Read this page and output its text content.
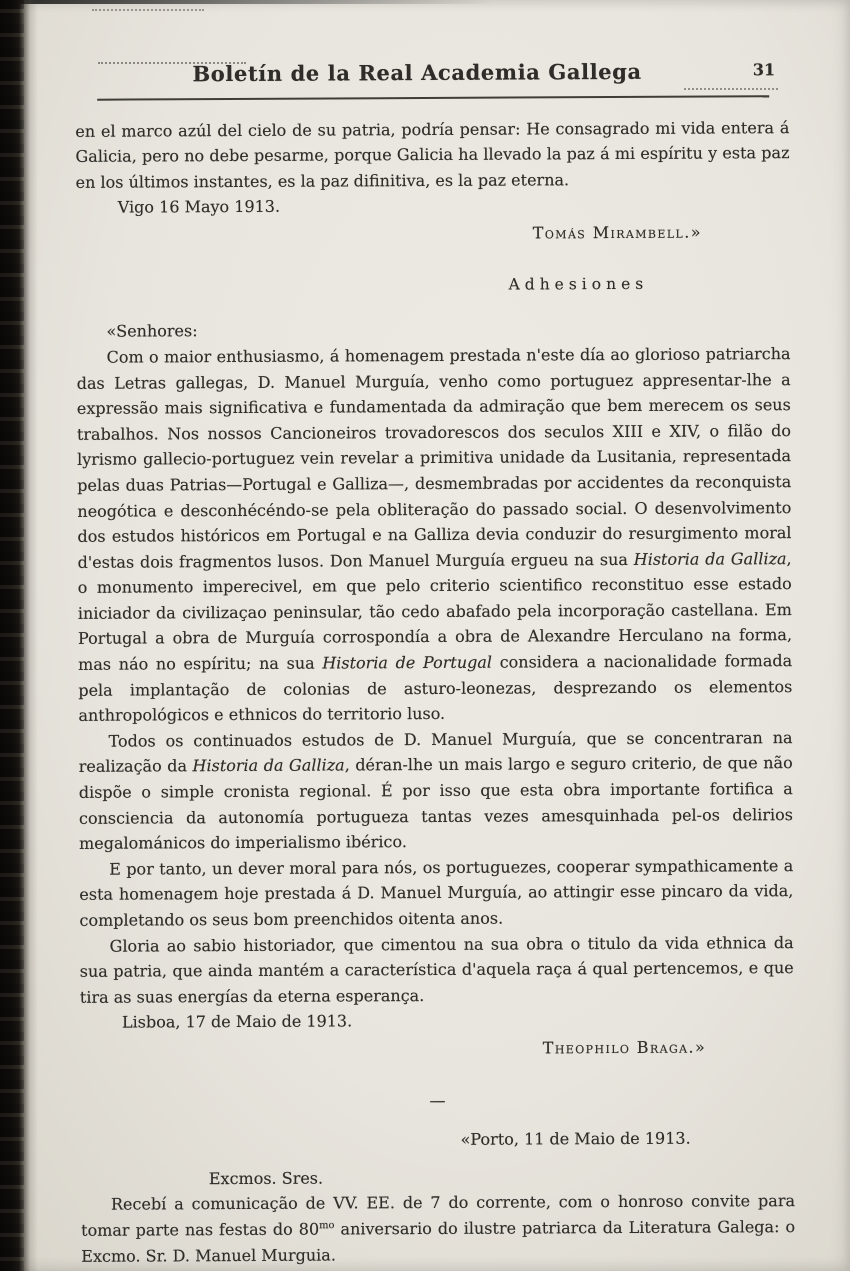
Boletín de la Real Academia Gallega	31

en el marco azúl del cielo de su patria, podría pensar: He consagrado mi vida entera á Galicia, pero no debe pesarme, porque Galicia ha llevado la paz á mi espíritu y esta paz en los últimos instantes, es la paz difinitiva, es la paz eterna.

Vigo 16 Mayo 1913.

Tomás Mirambell.»

Adhesiones

«Senhores:

Com o maior enthusiasmo, á homenagem prestada n'este día ao glorioso patriarcha das Letras gallegas, D. Manuel Murguía, venho como portuguez appresentar-lhe a expressão mais significativa e fundamentada da admiração que bem merecem os seus trabalhos. Nos nossos Cancioneiros trovadorescos dos seculos XIII e XIV, o filão do lyrismo gallecio-portuguez vein revelar a primitiva unidade da Lusitania, representada pelas duas Patrias—Portugal e Galliza—, desmembradas por accidentes da reconquista neogótica e desconhécéndo-se pela obliteração do passado social. O desenvolvimento dos estudos históricos em Portugal e na Galliza devia conduzir do resurgimento moral d'estas dois fragmentos lusos. Don Manuel Murguía ergueu na sua Historia da Galliza, o monumento imperecivel, em que pelo criterio scientifico reconstituo esse estado iniciador da civilizaçao peninsular, tão cedo abafado pela incorporação castellana. Em Portugal a obra de Murguía corrospondía a obra de Alexandre Herculano na forma, mas náo no espíritu; na sua Historia de Portugal considera a nacionalidade formada pela implantação de colonias de asturo-leonezas, desprezando os elementos anthropológicos e ethnicos do territorio luso.

Todos os continuados estudos de D. Manuel Murguía, que se concentraran na realização da Historia da Galliza, déran-lhe un mais largo e seguro criterio, de que não dispõe o simple cronista regional. É por isso que esta obra importante fortifica a consciencia da autonomía portugueza tantas vezes amesquinhada pel-os delirios megalománicos do imperialismo ibérico.

E por tanto, un dever moral para nós, os portuguezes, cooperar sympathicamente a esta homenagem hoje prestada á D. Manuel Murguía, ao attingir esse pincaro da vida, completando os seus bom preenchidos oitenta anos.

Gloria ao sabio historiador, que cimentou na sua obra o titulo da vida ethnica da sua patria, que ainda mantém a característica d'aquela raça á qual pertencemos, e que tira as suas energías da eterna esperança.

Lisboa, 17 de Maio de 1913.

Theophilo Braga.»

—

«Porto, 11 de Maio de 1913.

Excmos. Sres.

Recebí a comunicação de VV. EE. de 7 do corrente, com o honroso convite para tomar parte nas festas do $80^{mo}$ aniversario do ilustre patriarca da Literatura Galega: o Excmo. Sr. D. Manuel Murguia.
